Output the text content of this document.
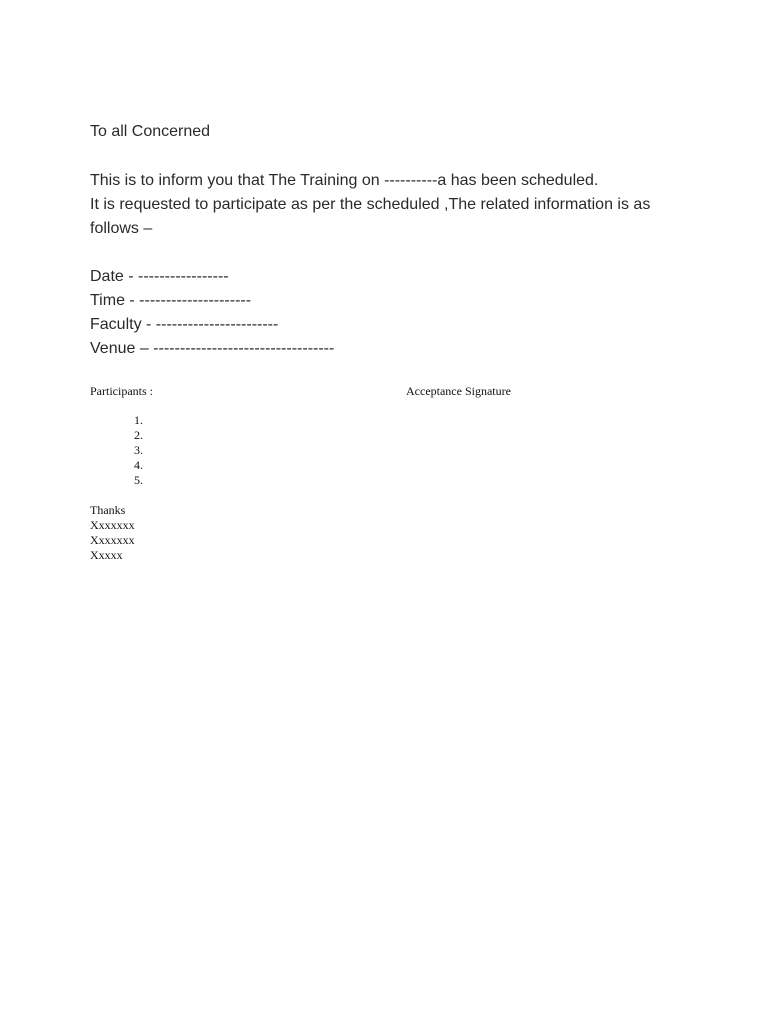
To all Concerned
This is to inform you that The Training on ----------a has been scheduled.
It is requested to participate as per the scheduled ,The related information is as
follows –
Date - -----------------
Time - ---------------------
Faculty - -----------------------
Venue – ----------------------------------
Participants :	Acceptance Signature
1.
2.
3.
4.
5.
Thanks
Xxxxxxx
Xxxxxxx
Xxxxx
